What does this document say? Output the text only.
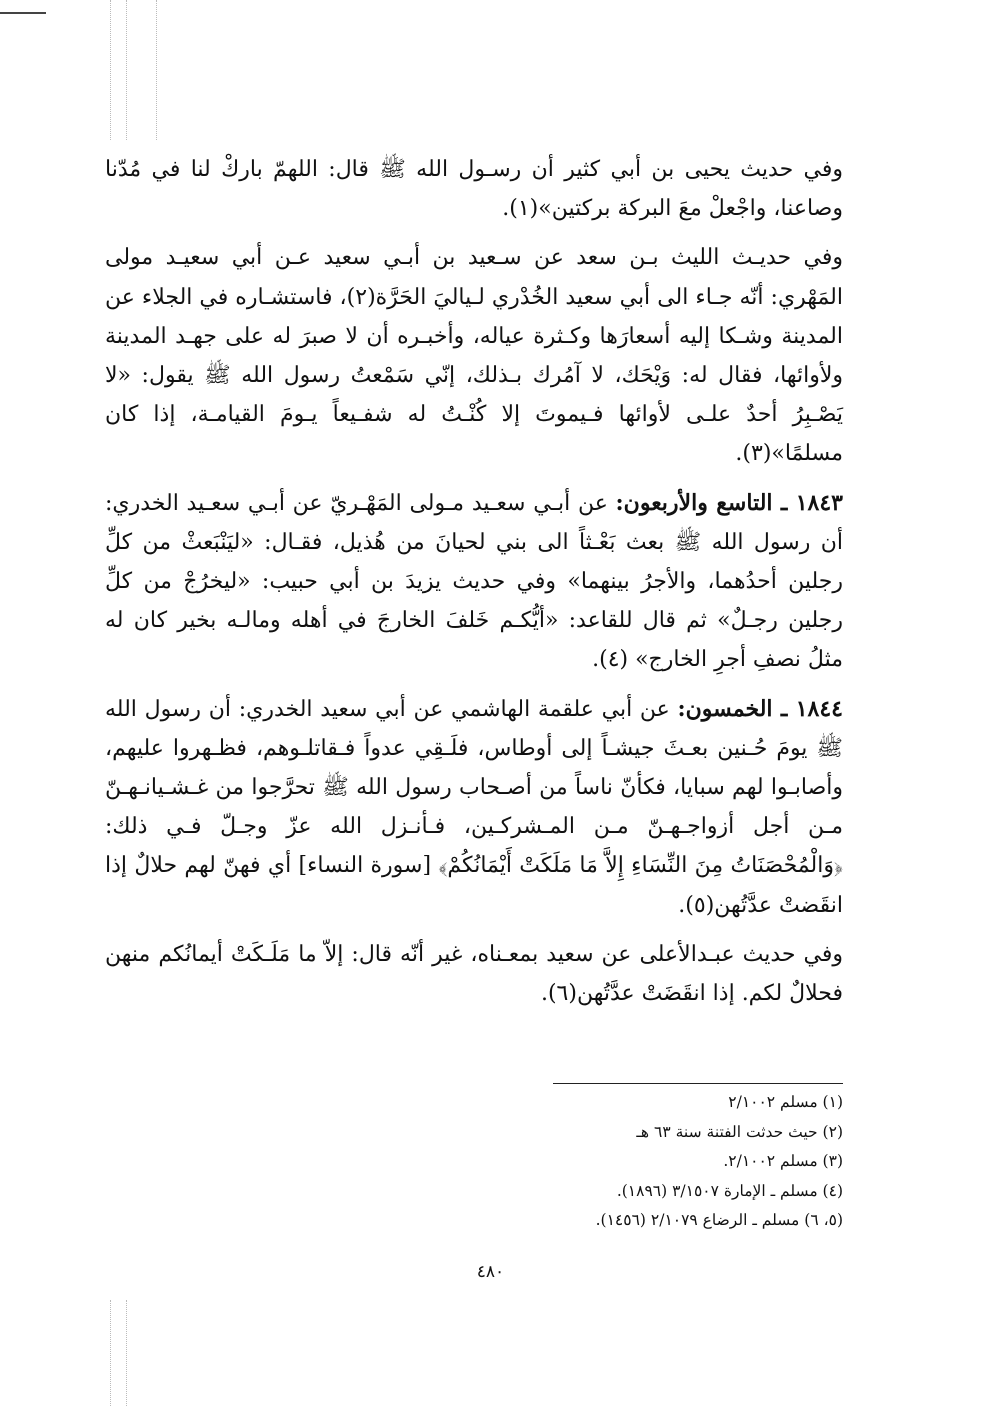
وفي حديث يحيى بن أبي كثير أن رسـول الله ﷺ قال: اللهمّ باركْ لنا في مُدّنا وصاعنا، واجْعلْ معَ البركة بركتين»(١).

وفي حديـث الليث بـن سعد عن سـعيد بن أبـي سعيد عـن أبي سعيـد مولى المَهْري: أنّه جـاء الى أبي سعيد الخُدْري لـياليَ الحَرَّة(٢)، فاستشـاره في الجلاء عن المدينة وشـكا إليه أسعارَها وكـثرة عياله، وأخبـره أن لا صبرَ له على جهـد المدينة ولأوائها، فقال له: وَيْحَك، لا آمُرك بـذلك، إنّي سَمْعتُ رسول الله ﷺ يقول: «لا يَصْـبِرُ أحدٌ علـى لأوائها فـيموتَ إلا كُنْـتُ له شفـيعاً يـومَ القيامـة، إذا كان مسلمًا»(٣).

١٨٤٣ ـ التاسع والأربعون: عن أبـي سعـيد مـولى المَهْـريّ عن أبـي سعـيد الخدري: أن رسول الله ﷺ بعث بَعْـثاً الى بني لحيانَ من هُذيل، فقـال: «ليَنْبَعثْ من كلِّ رجلين أحدُهما، والأجرُ بينهما» وفي حديث يزيدَ بن أبي حبيب: «ليخرُجْ من كلِّ رجلين رجـلٌ» ثم قال للقاعد: «أيُّكـم خَلفَ الخارجَ في أهله ومالـه بخير كان له مثلُ نصفِ أجرِ الخارج» (٤).

١٨٤٤ ـ الخمسون: عن أبي علقمة الهاشمي عن أبي سعيد الخدري: أن رسول الله ﷺ يومَ حُـنين بعـثَ جيشـاً إلى أوطاس، فلَـقِي عدواً فـقاتلـوهم، فظـهروا عليهم، وأصابـوا لهم سبايا، فكأنّ ناساً من أصـحاب رسول الله ﷺ تحرَّجوا من غـشـيانـهـنّ مـن أجل أزواجـهـنّ مـن المـشركـين، فـأنـزل الله عزّ وجـلّ فـي ذلك: ﴿وَالْمُحْصَنَاتُ مِنَ النِّسَاءِ إِلاَّ مَا مَلَكَتْ أَيْمَانُكُمْ﴾ [سورة النساء] أي فهنّ لهم حلالٌ إذا انقَضتْ عدَّتُهن(٥).

وفي حديث عبـدالأعلى عن سعيد بمعـناه، غير أنّه قال: إلاّ ما مَلَـكَتْ أيمانُكم منهن فحلالٌ لكم. إذا انقَضَتْ عدَّتُهن(٦).

(١) مسلم ٢/١٠٠٢

(٢) حيث حدثت الفتنة سنة ٦٣ هـ

(٣) مسلم ٢/١٠٠٢.

(٤) مسلم ـ الإمارة ٣/١٥٠٧ (١٨٩٦).

(٥، ٦) مسلم ـ الرضاع ٢/١٠٧٩ (١٤٥٦).

٤٨٠
